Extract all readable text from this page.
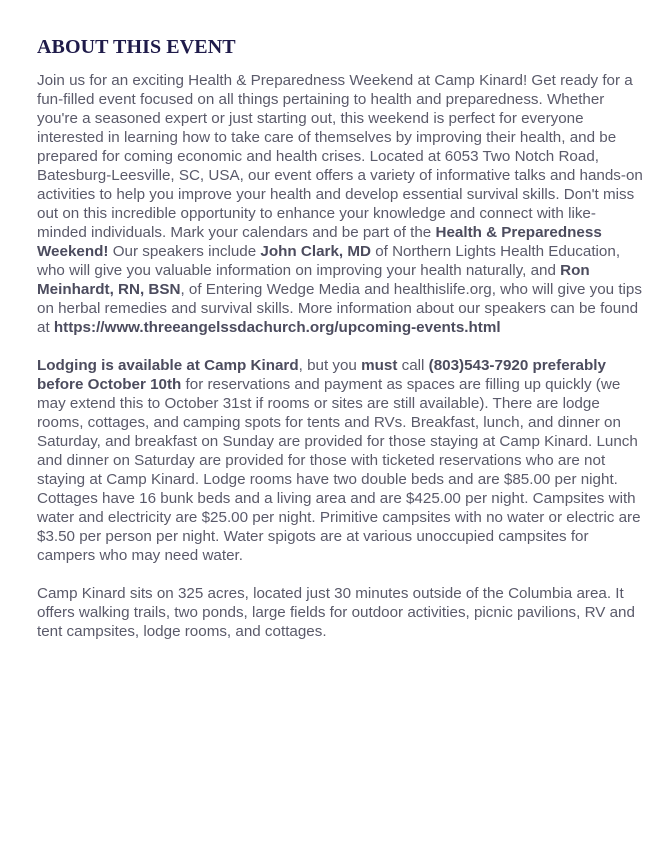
ABOUT THIS EVENT

Join us for an exciting Health & Preparedness Weekend at Camp Kinard! Get ready for a fun-filled event focused on all things pertaining to health and preparedness. Whether you're a seasoned expert or just starting out, this weekend is perfect for everyone interested in learning how to take care of themselves by improving their health, and be prepared for coming economic and health crises. Located at 6053 Two Notch Road, Batesburg-Leesville, SC, USA, our event offers a variety of informative talks and hands-on activities to help you improve your health and develop essential survival skills. Don't miss out on this incredible opportunity to enhance your knowledge and connect with like-minded individuals. Mark your calendars and be part of the Health & Preparedness Weekend! Our speakers include John Clark, MD of Northern Lights Health Education, who will give you valuable information on improving your health naturally, and Ron Meinhardt, RN, BSN, of Entering Wedge Media and healthislife.org, who will give you tips on herbal remedies and survival skills. More information about our speakers can be found at https://www.threeangelssdachurch.org/upcoming-events.html

Lodging is available at Camp Kinard, but you must call (803)543-7920 preferably before October 10th for reservations and payment as spaces are filling up quickly (we may extend this to October 31st if rooms or sites are still available). There are lodge rooms, cottages, and camping spots for tents and RVs. Breakfast, lunch, and dinner on Saturday, and breakfast on Sunday are provided for those staying at Camp Kinard. Lunch and dinner on Saturday are provided for those with ticketed reservations who are not staying at Camp Kinard. Lodge rooms have two double beds and are $85.00 per night. Cottages have 16 bunk beds and a living area and are $425.00 per night. Campsites with water and electricity are $25.00 per night. Primitive campsites with no water or electric are $3.50 per person per night. Water spigots are at various unoccupied campsites for campers who may need water.

Camp Kinard sits on 325 acres, located just 30 minutes outside of the Columbia area. It offers walking trails, two ponds, large fields for outdoor activities, picnic pavilions, RV and tent campsites, lodge rooms, and cottages.
